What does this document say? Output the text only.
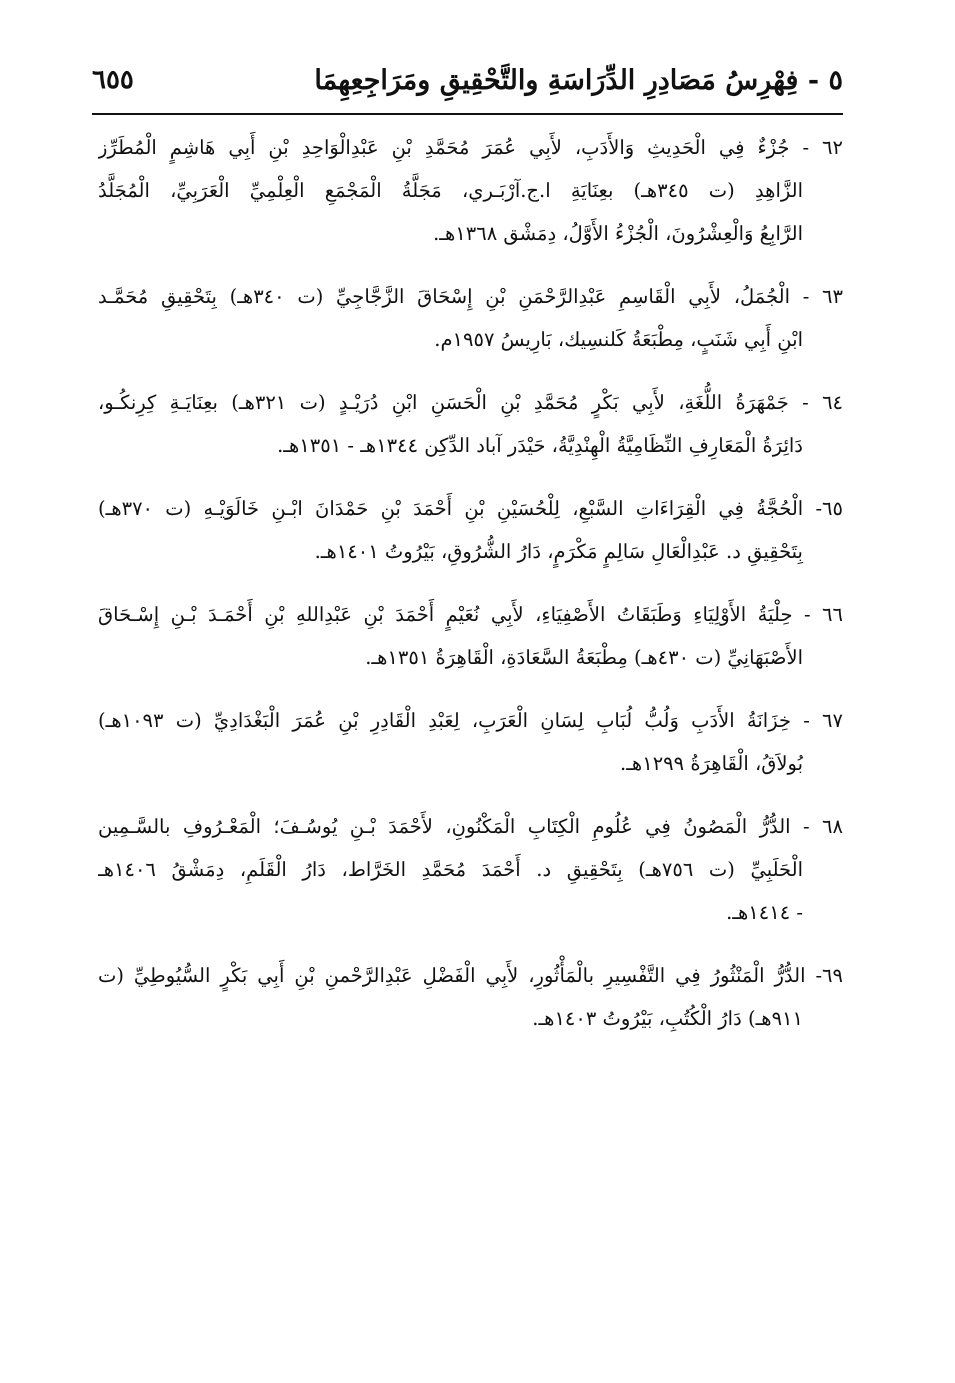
٥ - فِهْرِسُ مَصَادِرِ الدِّرَاسَةِ والتَّحْقِيقِ ومَرَاجِعِهِمَا
٦٥٥
٦٢ - جُزْءٌ فِي الْحَدِيثِ وَالأَدَبِ، لأَبِي عُمَرَ مُحَمَّدِ بْنِ عَبْدِالْوَاحِدِ بْنِ أَبِي هَاشِمٍ الْمُطَرِّز
الزَّاهِدِ (ت ٣٤٥هـ) بعِنَايَةِ ا.ج.آرْبَـري، مَجَلَّةُ الْمَجْمَعِ الْعِلْمِيِّ الْعَرَبِيِّ، الْمُجَلَّدُ
الرَّابِعُ وَالْعِشْرُونَ، الْجُزْءُ الأَوَّلُ، دِمَشْق ١٣٦٨هـ.
٦٣ - الْجُمَلُ، لأَبِي الْقَاسِمِ عَبْدِالرَّحْمَنِ بْنِ إِسْحَاقَ الزَّجَّاجِيِّ (ت ٣٤٠هـ) بِتَحْقِيقِ مُحَمَّـد
ابْنِ أَبِي شَنَبٍ، مِطْبَعَةُ كَلنسِيك، بَارِيسُ ١٩٥٧م.
٦٤ - جَمْهَرَةُ اللُّغَةِ، لأَبِي بَكْرٍ مُحَمَّدِ بْنِ الْحَسَنِ ابْنِ دُرَيْـدٍ (ت ٣٢١هـ) بعِنَايَـةِ كِرِنكُـو،
دَائِرَةُ الْمَعَارِفِ النِّظَامِيَّةُ الْهِنْدِيَّةُ، حَيْدَر آباد الدِّكِن ١٣٤٤هـ - ١٣٥١هـ.
٦٥- الْحُجَّةُ فِي الْقِرَاءَاتِ السَّبْعِ، لِلْحُسَيْنِ بْنِ أَحْمَدَ بْنِ حَمْدَانَ ابْـنِ خَالَوَيْـهِ (ت ٣٧٠هـ)
بِتَحْقِيقِ د. عَبْدِالْعَالِ سَالِمٍ مَكْرَمٍ، دَارُ الشُّرُوقِ، بَيْرُوتُ ١٤٠١هـ.
٦٦ - حِلْيَةُ الأَوْلِيَاءِ وَطَبَقَاتُ الأَصْفِيَاءِ، لأَبِي نُعَيْمٍ أَحْمَدَ بْنِ عَبْدِاللهِ بْنِ أَحْمَـدَ بْـنِ إِسْـحَاقَ
الأَصْبَهَانِيِّ (ت ٤٣٠هـ) مِطْبَعَةُ السَّعَادَةِ، الْقَاهِرَةُ ١٣٥١هـ.
٦٧ - خِزَانَةُ الأَدَبِ وَلُبُّ لُبَابِ لِسَانِ الْعَرَبِ، لِعَبْدِ الْقَادِرِ بْنِ عُمَرَ الْبَغْدَادِيِّ (ت ١٠٩٣هـ)
بُولاَقُ، الْقَاهِرَةُ ١٢٩٩هـ.
٦٨ - الدُّرُّ الْمَصُونُ فِي عُلُومِ الْكِتَابِ الْمَكْنُونِ، لأَحْمَدَ بْـنِ يُوسُـفَ؛ الْمَعْـرُوفِ بالسَّـمِين
الْحَلَبِيِّ (ت ٧٥٦هـ) بِتَحْقِيقِ د. أَحْمَدَ مُحَمَّدِ الخَرَّاط، دَارُ الْقَلَمِ، دِمَشْقُ ١٤٠٦هـ
- ١٤١٤هـ.
٦٩- الدُّرُّ الْمَنْثُورُ فِي التَّفْسِيرِ بالْمَأْثُورِ، لأَبِي الْفَضْلِ عَبْدِالرَّحْمنِ بْنِ أَبِي بَكْرٍ السُّيُوطِيِّ (ت
٩١١هـ) دَارُ الْكُتُبِ، بَيْرُوتُ ١٤٠٣هـ.
